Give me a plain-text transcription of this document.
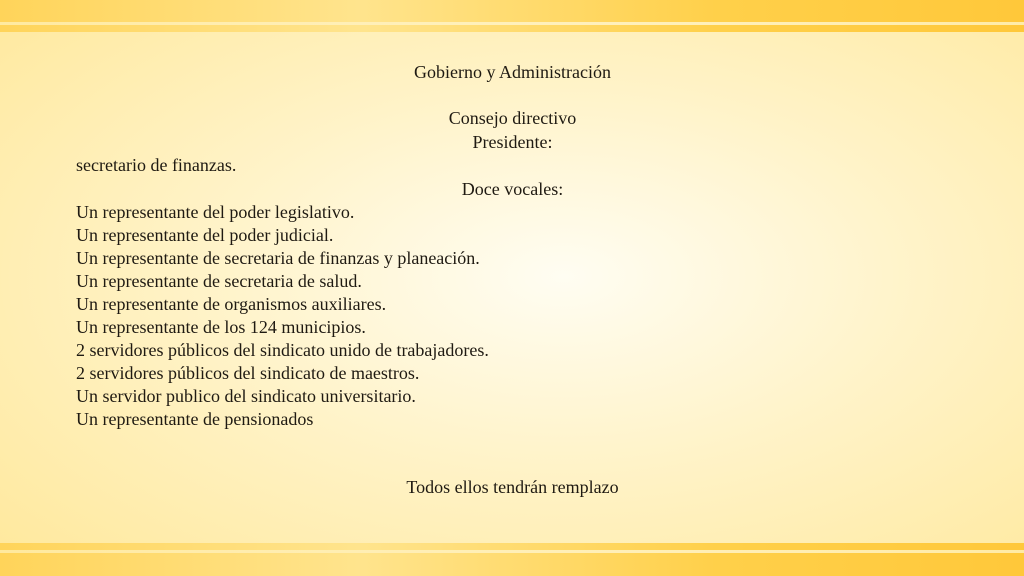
Gobierno y Administración
Consejo directivo
Presidente:
secretario de finanzas.
Doce vocales:
Un representante del poder legislativo.
Un representante del poder judicial.
Un representante de secretaria de finanzas y planeación.
Un representante de secretaria de salud.
Un representante de organismos auxiliares.
Un representante de los 124 municipios.
2 servidores públicos del sindicato unido de trabajadores.
2 servidores públicos del sindicato de maestros.
Un servidor publico del sindicato universitario.
Un representante de pensionados
Todos ellos tendrán remplazo
